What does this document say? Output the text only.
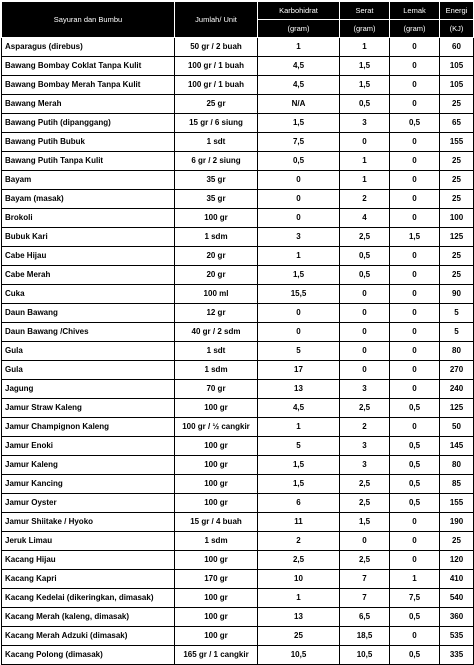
Sayuran dan Bumbu	Jumlah/ Unit	Karbohidrat	Serat	Lemak	Energi
		(gram)	(gram)	(gram)	(KJ)
Asparagus (direbus)	50 gr / 2 buah	1	1	0	60
Bawang Bombay Coklat Tanpa Kulit	100 gr / 1 buah	4,5	1,5	0	105
Bawang Bombay Merah Tanpa Kulit	100 gr / 1 buah	4,5	1,5	0	105
Bawang Merah	25 gr	N/A	0,5	0	25
Bawang Putih (dipanggang)	15 gr / 6 siung	1,5	3	0,5	65
Bawang Putih Bubuk	1 sdt	7,5	0	0	155
Bawang Putih Tanpa Kulit	6 gr / 2 siung	0,5	1	0	25
Bayam	35 gr	0	1	0	25
Bayam (masak)	35 gr	0	2	0	25
Brokoli	100 gr	0	4	0	100
Bubuk Kari	1 sdm	3	2,5	1,5	125
Cabe Hijau	20 gr	1	0,5	0	25
Cabe Merah	20 gr	1,5	0,5	0	25
Cuka	100 ml	15,5	0	0	90
Daun Bawang	12 gr	0	0	0	5
Daun Bawang /Chives	40 gr / 2 sdm	0	0	0	5
Gula	1 sdt	5	0	0	80
Gula	1 sdm	17	0	0	270
Jagung	70 gr	13	3	0	240
Jamur Straw Kaleng	100 gr	4,5	2,5	0,5	125
Jamur Champignon Kaleng	100 gr / ½ cangkir	1	2	0	50
Jamur Enoki	100 gr	5	3	0,5	145
Jamur Kaleng	100 gr	1,5	3	0,5	80
Jamur Kancing	100 gr	1,5	2,5	0,5	85
Jamur Oyster	100 gr	6	2,5	0,5	155
Jamur Shiitake / Hyoko	15 gr / 4 buah	11	1,5	0	190
Jeruk Limau	1 sdm	2	0	0	25
Kacang Hijau	100 gr	2,5	2,5	0	120
Kacang Kapri	170 gr	10	7	1	410
Kacang Kedelai (dikeringkan, dimasak)	100 gr	1	7	7,5	540
Kacang Merah (kaleng, dimasak)	100 gr	13	6,5	0,5	360
Kacang Merah Adzuki (dimasak)	100 gr	25	18,5	0	535
Kacang Polong (dimasak)	165 gr / 1 cangkir	10,5	10,5	0,5	335
